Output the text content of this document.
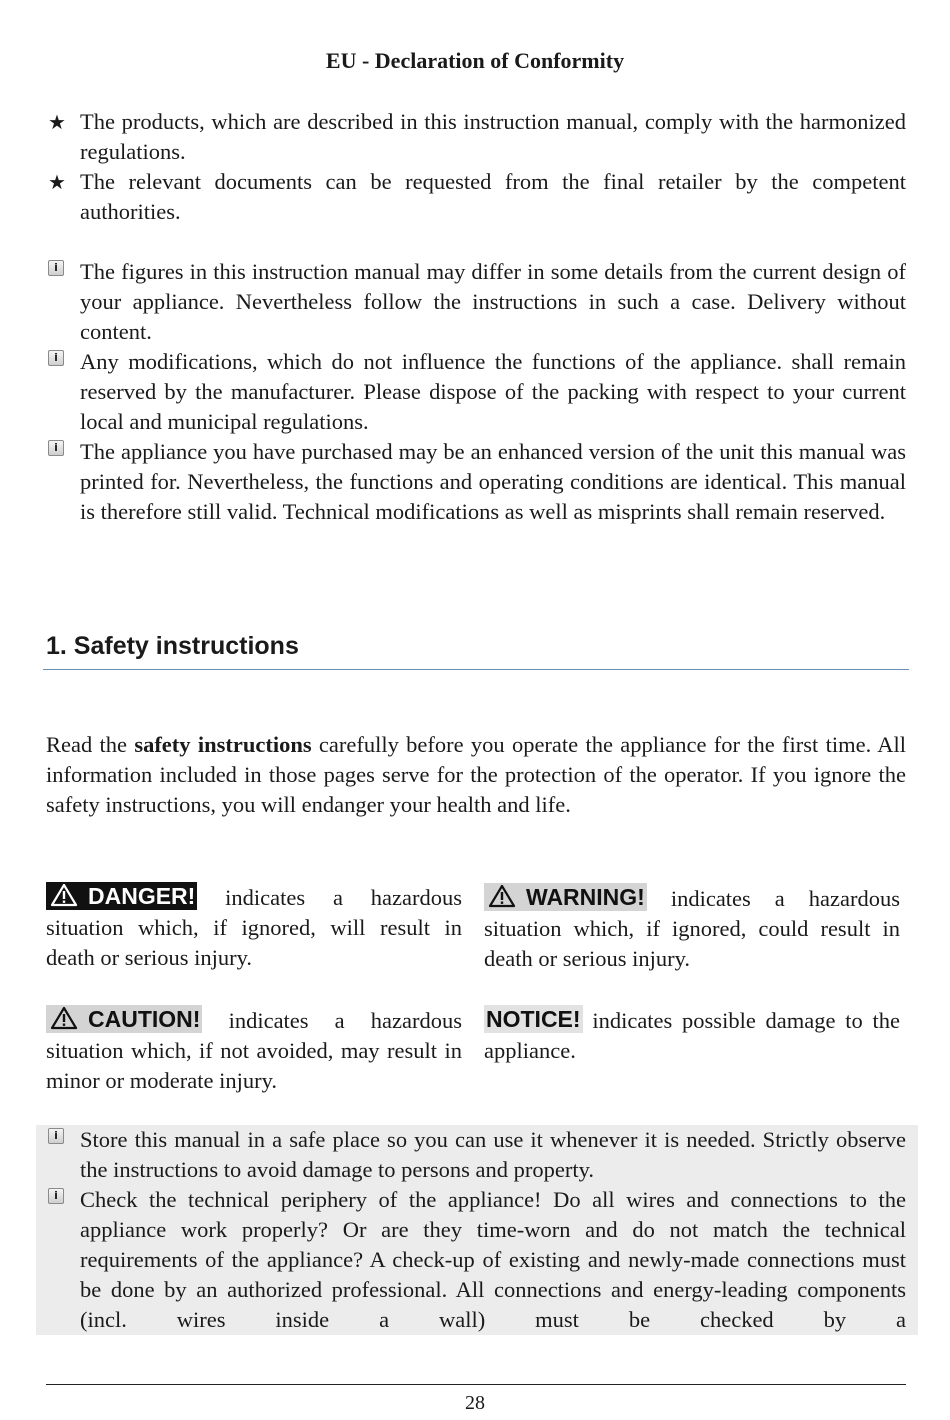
EU - Declaration of Conformity
★ The products, which are described in this instruction manual, comply with the harmonized regulations.
★ The relevant documents can be requested from the final retailer by the competent authorities.
i The figures in this instruction manual may differ in some details from the current design of your appliance. Nevertheless follow the instructions in such a case. Delivery without content.
i Any modifications, which do not influence the functions of the appliance. shall remain reserved by the manufacturer. Please dispose of the packing with respect to your current local and municipal regulations.
i The appliance you have purchased may be an enhanced version of the unit this manual was printed for. Nevertheless, the functions and operating conditions are identical. This manual is therefore still valid. Technical modifications as well as misprints shall remain reserved.
1. Safety instructions
Read the safety instructions carefully before you operate the appliance for the first time. All information included in those pages serve for the protection of the operator. If you ignore the safety instructions, you will endanger your health and life.
DANGER! indicates a hazardous situation which, if ignored, will result in death or serious injury.
WARNING! indicates a hazardous situation which, if ignored, could result in death or serious injury.
CAUTION! indicates a hazardous situation which, if not avoided, may result in minor or moderate injury.
NOTICE! indicates possible damage to the appliance.
i Store this manual in a safe place so you can use it whenever it is needed. Strictly observe the instructions to avoid damage to persons and property.
i Check the technical periphery of the appliance! Do all wires and connections to the appliance work properly? Or are they time-worn and do not match the technical requirements of the appliance? A check-up of existing and newly-made connections must be done by an authorized professional. All connections and energy-leading components (incl. wires inside a wall) must be checked by a
28
